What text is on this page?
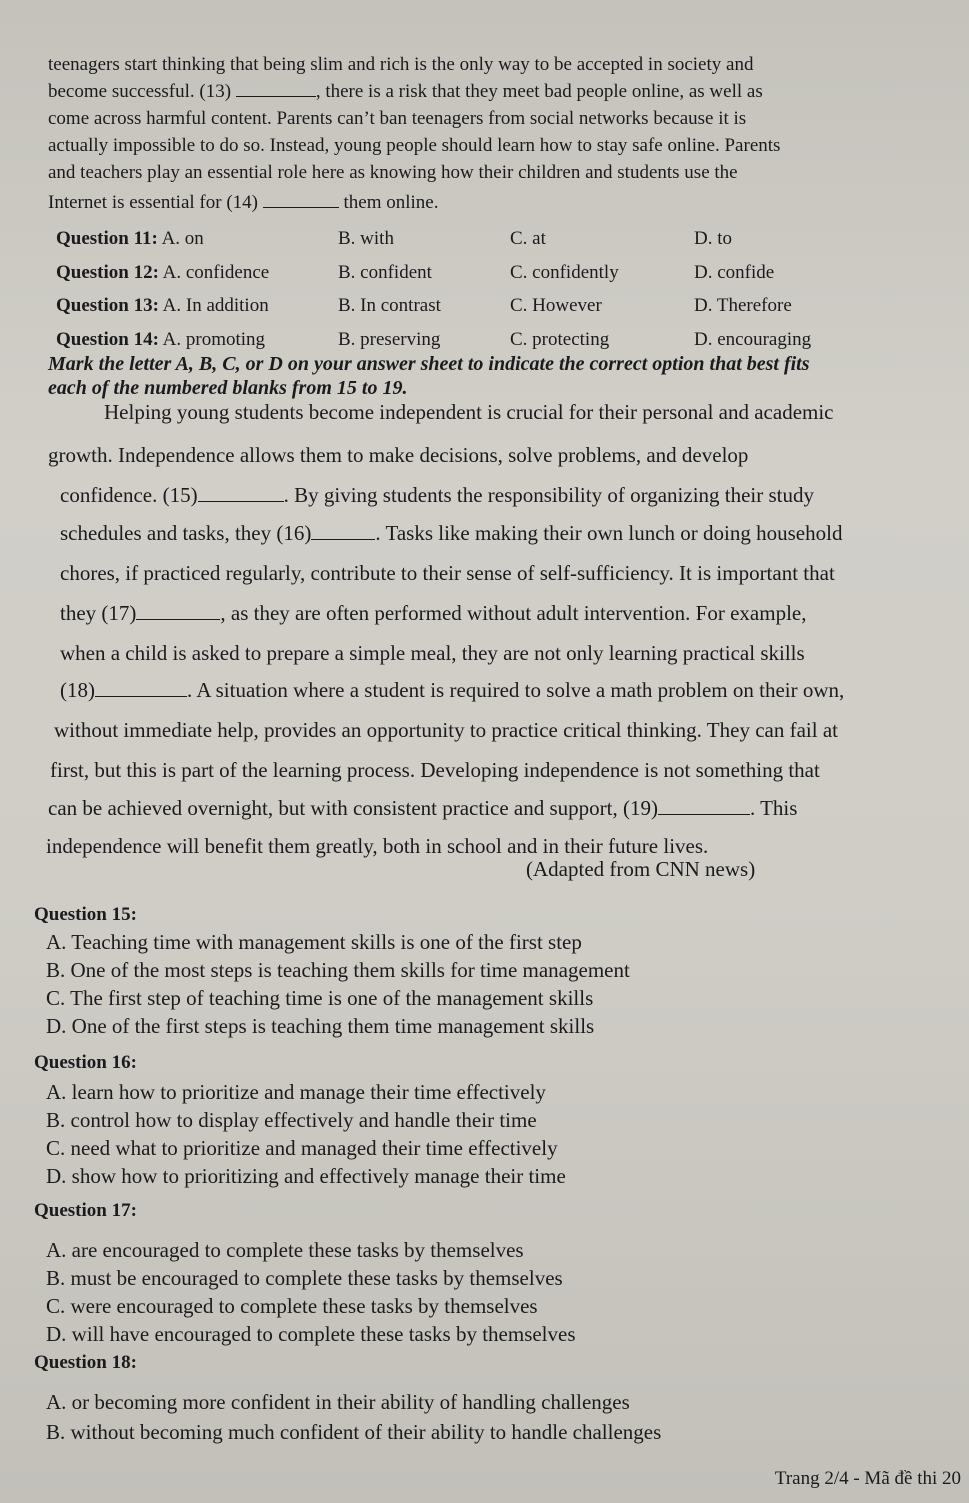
teenagers start thinking that being slim and rich is the only way to be accepted in society and

become successful. (13)	, there is a risk that they meet bad people online, as well as

come across harmful content. Parents can’t ban teenagers from social networks because it is

actually impossible to do so. Instead, young people should learn how to stay safe online. Parents

and teachers play an essential role here as knowing how their children and students use the

Internet is essential for (14)	them online.

Question 11: A. on	B. with	C. at	D. to
Question 12: A. confidence	B. confident	C. confidently	D. confide
Question 13: A. In addition	B. In contrast	C. However	D. Therefore
Question 14: A. promoting	B. preserving	C. protecting	D. encouraging

Mark the letter A, B, C, or D on your answer sheet to indicate the correct option that best fits

each of the numbered blanks from 15 to 19.

Helping young students become independent is crucial for their personal and academic

growth. Independence allows them to make decisions, solve problems, and develop

confidence. (15)	. By giving students the responsibility of organizing their study

schedules and tasks, they (16)	. Tasks like making their own lunch or doing household

chores, if practiced regularly, contribute to their sense of self-sufficiency. It is important that

they (17)	, as they are often performed without adult intervention. For example,

when a child is asked to prepare a simple meal, they are not only learning practical skills

(18)	. A situation where a student is required to solve a math problem on their own,

without immediate help, provides an opportunity to practice critical thinking. They can fail at

first, but this is part of the learning process. Developing independence is not something that

can be achieved overnight, but with consistent practice and support, (19)	. This

independence will benefit them greatly, both in school and in their future lives.

(Adapted from CNN news)
Question 15:
A. Teaching time with management skills is one of the first step
B. One of the most steps is teaching them skills for time management
C. The first step of teaching time is one of the management skills
D. One of the first steps is teaching them time management skills
Question 16:
A. learn how to prioritize and manage their time effectively
B. control how to display effectively and handle their time
C. need what to prioritize and managed their time effectively
D. show how to prioritizing and effectively manage their time
Question 17:
A. are encouraged to complete these tasks by themselves
B. must be encouraged to complete these tasks by themselves
C. were encouraged to complete these tasks by themselves
D. will have encouraged to complete these tasks by themselves
Question 18:
A. or becoming more confident in their ability of handling challenges
B. without becoming much confident of their ability to handle challenges
Trang 2/4 - Mã đề thi 20
